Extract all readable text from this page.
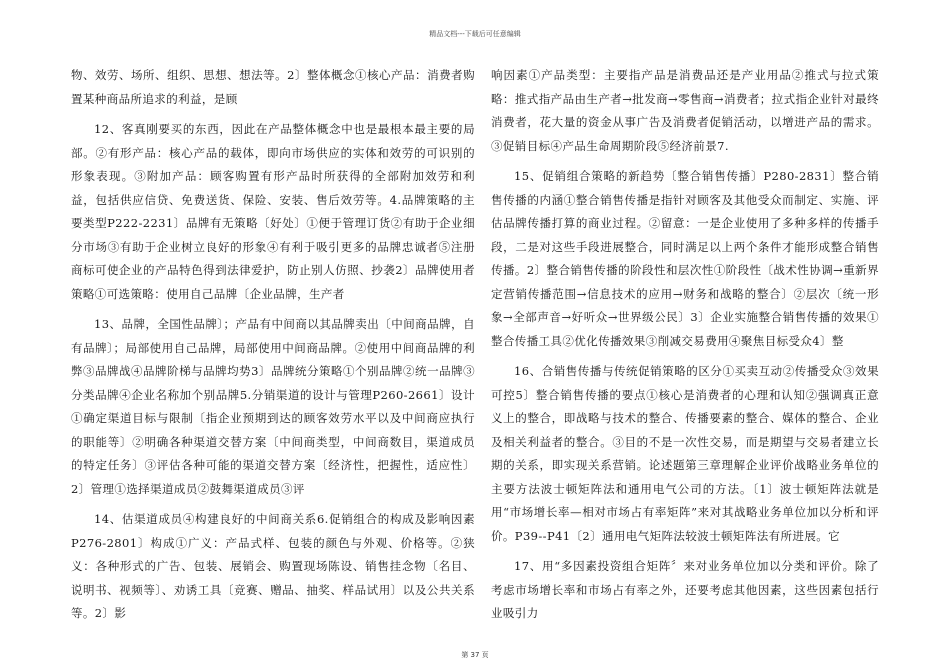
精品文档---下载后可任意编辑

物、效劳、场所、组织、思想、想法等。2〕整体概念①核心产品：消费者购置某种商品所追求的利益，是顾

12、客真刚要买的东西，因此在产品整体概念中也是最根本最主要的局部。②有形产品：核心产品的载体，即向市场供应的实体和效劳的可识别的形象表现。③附加产品：顾客购置有形产品时所获得的全部附加效劳和利益，包括供应信贷、免费送货、保险、安装、售后效劳等。4.品牌策略的主要类型P222-2231〕品牌有无策略〔好处〕①便于管理订货②有助于企业细分市场③有助于企业树立良好的形象④有利于吸引更多的品牌忠诚者⑤注册商标可使企业的产品特色得到法律爱护，防止别人仿照、抄袭2〕品牌使用者策略①可选策略：使用自己品牌〔企业品牌，生产者

13、品牌，全国性品牌〕；产品有中间商以其品牌卖出〔中间商品牌，自有品牌〕；局部使用自己品牌，局部使用中间商品牌。②使用中间商品牌的利弊③品牌战④品牌阶梯与品牌均势3〕品牌统分策略①个别品牌②统一品牌③分类品牌④企业名称加个别品牌5.分销渠道的设计与管理P260-2661〕设计①确定渠道目标与限制〔指企业预期到达的顾客效劳水平以及中间商应执行的职能等〕②明确各种渠道交替方案〔中间商类型，中间商数目，渠道成员的特定任务〕③评估各种可能的渠道交替方案〔经济性，把握性，适应性〕2〕管理①选择渠道成员②鼓舞渠道成员③评

14、估渠道成员④构建良好的中间商关系6.促销组合的构成及影响因素P276-2801〕构成①广义：产品式样、包装的颜色与外观、价格等。②狭义：各种形式的广告、包装、展销会、购置现场陈设、销售挂念物〔名目、说明书、视频等〕、劝诱工具〔竞赛、赠品、抽奖、样品试用〕以及公共关系等。2〕影

响因素①产品类型：主要指产品是消费品还是产业用品②推式与拉式策略：推式指产品由生产者→批发商→零售商→消费者；拉式指企业针对最终消费者，花大量的资金从事广告及消费者促销活动，以增进产品的需求。③促销目标④产品生命周期阶段⑤经济前景7.

15、促销组合策略的新趋势〔整合销售传播〕P280-2831〕整合销售传播的内涵①整合销售传播是指针对顾客及其他受众而制定、实施、评估品牌传播打算的商业过程。②留意：一是企业使用了多种多样的传播手段，二是对这些手段进展整合，同时满足以上两个条件才能形成整合销售传播。2〕整合销售传播的阶段性和层次性①阶段性〔战术性协调→重新界定营销传播范围→信息技术的应用→财务和战略的整合〕②层次〔统一形象→全部声音→好听众→世界级公民〕3〕企业实施整合销售传播的效果①整合传播工具②优化传播效果③削减交易费用④聚焦目标受众4〕整

16、合销售传播与传统促销策略的区分①买卖互动②传播受众③效果可控5〕整合销售传播的要点①核心是消费者的心理和认知②强调真正意义上的整合，即战略与技术的整合、传播要素的整合、媒体的整合、企业及相关利益者的整合。③目的不是一次性交易，而是期望与交易者建立长期的关系，即实现关系营销。论述题第三章理解企业评价战略业务单位的主要方法波士顿矩阵法和通用电气公司的方法。〔1〕波士顿矩阵法就是用“市场增长率—相对市场占有率矩阵”来对其战略业务单位加以分析和评价。P39--P41〔2〕通用电气矩阵法较波士顿矩阵法有所进展。它

17、用“多因素投资组合矩阵〞来对业务单位加以分类和评价。除了考虑市场增长率和市场占有率之外，还要考虑其他因素，这些因素包括行业吸引力

第 37 页
